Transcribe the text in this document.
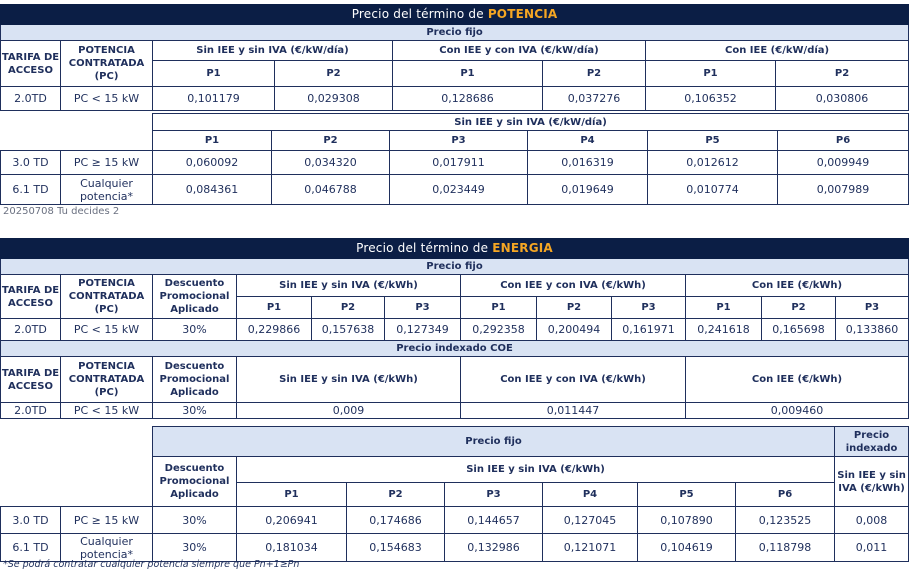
Precio del término de POTENCIA							
Precio fijo							
TARIFA DE ACCESO	POTENCIA CONTRATADA (PC)	Sin IEE y sin IVA (€/kW/día)		Con IEE y con IVA (€/kW/día)		Con IEE (€/kW/día)	
		P1	P2	P1	P2	P1	P2
2.0TD	PC < 15 kW	0,101179	0,029308	0,128686	0,037276	0,106352	0,030806
		Sin IEE y sin IVA (€/kW/día)					
		P1	P2	P3	P4	P5	P6
3.0 TD	PC ≥ 15 kW	0,060092	0,034320	0,017911	0,016319	0,012612	0,009949
6.1 TD	Cualquier potencia*	0,084361	0,046788	0,023449	0,019649	0,010774	0,007989
20250708 Tu decides 2
Precio del término de ENERGIA											
Precio fijo											
TARIFA DE ACCESO	POTENCIA CONTRATADA (PC)	Descuento Promocional Aplicado	Sin IEE y sin IVA (€/kWh)			Con IEE y con IVA (€/kWh)			Con IEE (€/kWh)		
			P1	P2	P3	P1	P2	P3	P1	P2	P3
2.0TD	PC < 15 kW	30%	0,229866	0,157638	0,127349	0,292358	0,200494	0,161971	0,241618	0,165698	0,133860
Precio indexado COE											
TARIFA DE ACCESO	POTENCIA CONTRATADA (PC)	Descuento Promocional Aplicado	Sin IEE y sin IVA (€/kWh)			Con IEE y con IVA (€/kWh)			Con IEE (€/kWh)		
2.0TD	PC < 15 kW	30%	0,009			0,011447			0,009460		
		Precio fijo							Precio indexado
		Descuento Promocional Aplicado	Sin IEE y sin IVA (€/kWh)						Sin IEE y sin IVA (€/kWh)
			P1	P2	P3	P4	P5	P6	
3.0 TD	PC ≥ 15 kW	30%	0,206941	0,174686	0,144657	0,127045	0,107890	0,123525	0,008
6.1 TD	Cualquier potencia*	30%	0,181034	0,154683	0,132986	0,121071	0,104619	0,118798	0,011
*Se podrá contratar cualquier potencia siempre que Pn+1≥Pn
